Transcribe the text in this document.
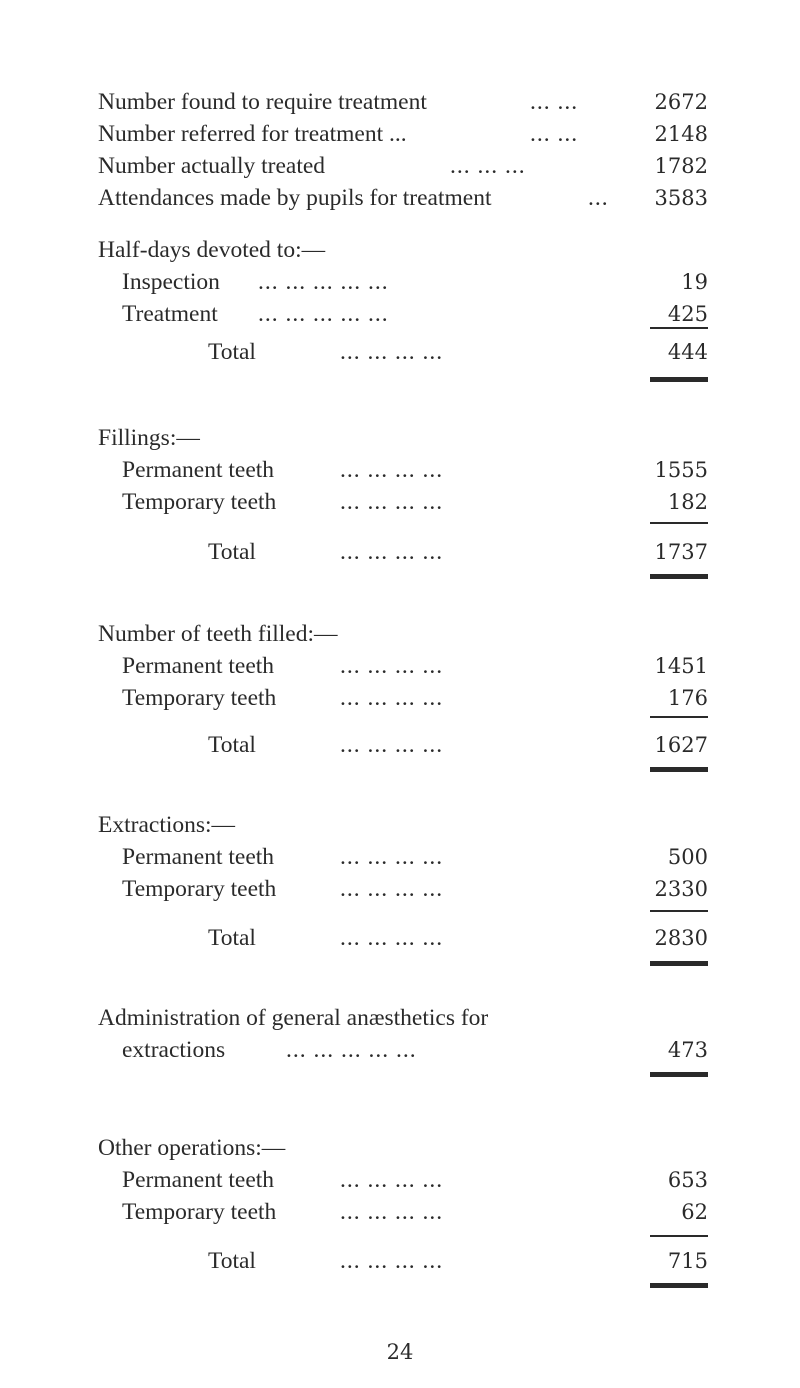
Number found to require treatment	... ...	2672
Number referred for treatment ...	... ...	2148
Number actually treated	... ... ...	1782
Attendances made by pupils for treatment	... 3583
Half-days devoted to:—
Inspection ... ... ... ... ...	19
Treatment ... ... ... ... ...	425
Total	... ... ... ...	444
Fillings:—
Permanent teeth	... ... ... ...	1555
Temporary teeth	... ... ... ...	182
Total	... ... ... ...	1737
Number of teeth filled:—
Permanent teeth	... ... ... ...	1451
Temporary teeth	... ... ... ...	176
Total	... ... ... ...	1627
Extractions:—
Permanent teeth	... ... ... ...	500
Temporary teeth	... ... ... ...	2330
Total	... ... ... ...	2830
Administration of general anæsthetics for
extractions	... ... ... ... ...	473
Other operations:—
Permanent teeth	... ... ... ...	653
Temporary teeth	... ... ... ...	62
Total	... ... ... ...	715
24
